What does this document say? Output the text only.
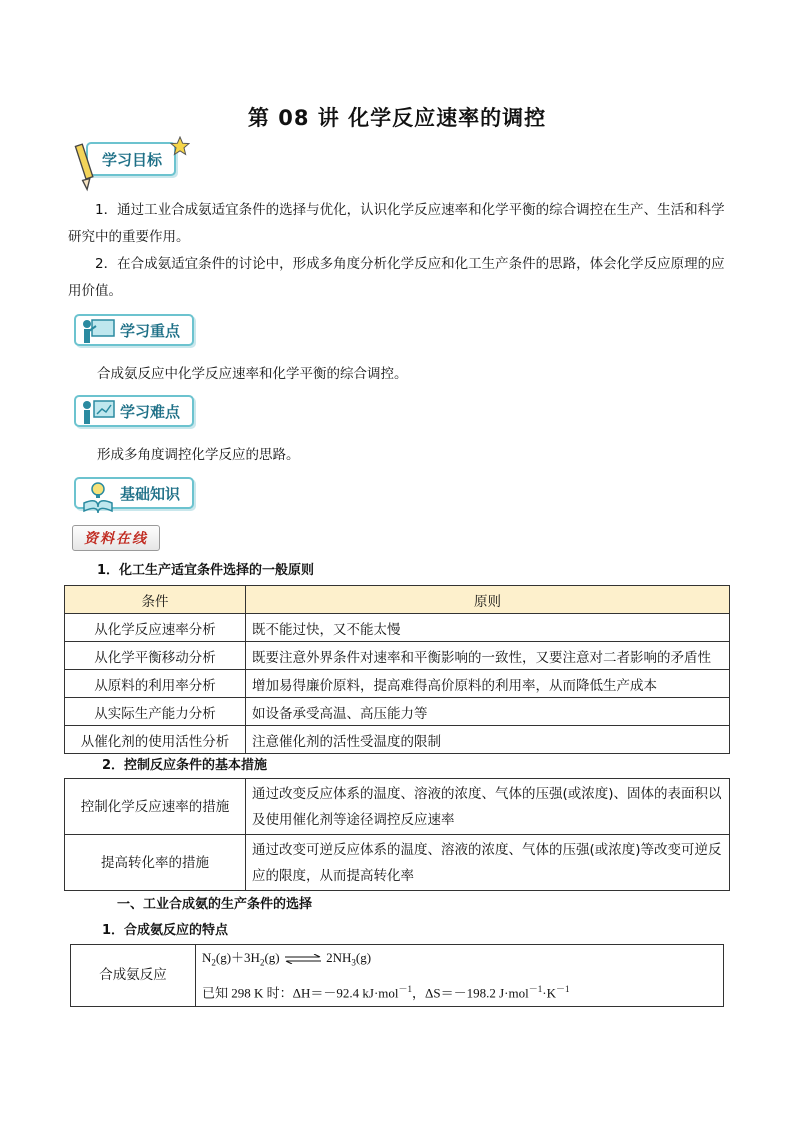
第 08 讲 化学反应速率的调控
学习目标

1．通过工业合成氨适宜条件的选择与优化，认识化学反应速率和化学平衡的综合调控在生产、生活和科学研究中的重要作用。

2．在合成氨适宜条件的讨论中，形成多角度分析化学反应和化工生产条件的思路，体会化学反应原理的应用价值。

学习重点
合成氨反应中化学反应速率和化学平衡的综合调控。
学习难点
形成多角度调控化学反应的思路。
基础知识
资料在线
1．化工生产适宜条件选择的一般原则
条件	原则
从化学反应速率分析	既不能过快，又不能太慢
从化学平衡移动分析	既要注意外界条件对速率和平衡影响的一致性，又要注意对二者影响的矛盾性
从原料的利用率分析	增加易得廉价原料，提高难得高价原料的利用率，从而降低生产成本
从实际生产能力分析	如设备承受高温、高压能力等
从催化剂的使用活性分析	注意催化剂的活性受温度的限制
2．控制反应条件的基本措施
控制化学反应速率的措施	通过改变反应体系的温度、溶液的浓度、气体的压强(或浓度)、固体的表面积以及使用催化剂等途径调控反应速率
提高转化率的措施	通过改变可逆反应体系的温度、溶液的浓度、气体的压强(或浓度)等改变可逆反应的限度，从而提高转化率
一、工业合成氨的生产条件的选择
1．合成氨反应的特点
合成氨反应	
$N_2(g)+3H_2(g)$ ⇌ $2NH_3(g)$
已知 298 K 时：ΔH＝－92.4 kJ·mol$^{-1}$，ΔS＝－198.2 $J\cdot mol^{-1}\cdot K^{-1}$
